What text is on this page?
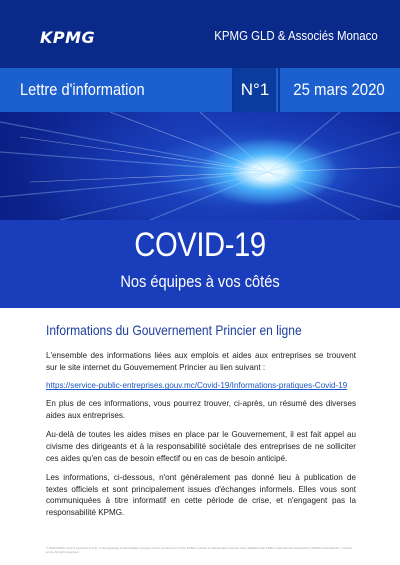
KPMG	KPMG GLD & Associés Monaco
Lettre d'information	N°1	25 mars 2020
COVID-19
Nos équipes à vos côtés
Informations du Gouvernement Princier en ligne

L'ensemble des informations liées aux emplois et aides aux entreprises se trouvent sur le site internet du Gouvernement Princier au lien suivant :

https://service-public-entreprises.gouv.mc/Covid-19/Informations-pratiques-Covid-19

En plus de ces informations, vous pourrez trouver, ci-après, un résumé des diverses aides aux entreprises.

Au-delà de toutes les aides mises en place par le Gouvernement, il est fait appel au civisme des dirigeants et à la responsabilité sociétale des entreprises de ne solliciter ces aides qu'en cas de besoin effectif ou en cas de besoin anticipé.

Les informations, ci-dessous, n'ont généralement pas donné lieu à publication de textes officiels et sont principalement issues d'échanges informels. Elles vous sont communiquées à titre informatif en cette période de crise, et n'engagent pas la responsabilité KPMG.

© 2020 KPMG GLD & Associés S.A.M., a Monegasque limited liability company and a member firm of the KPMG network of independent member firms affiliated with KPMG International Cooperative ("KPMG International"), a Swiss entity. All rights reserved.
